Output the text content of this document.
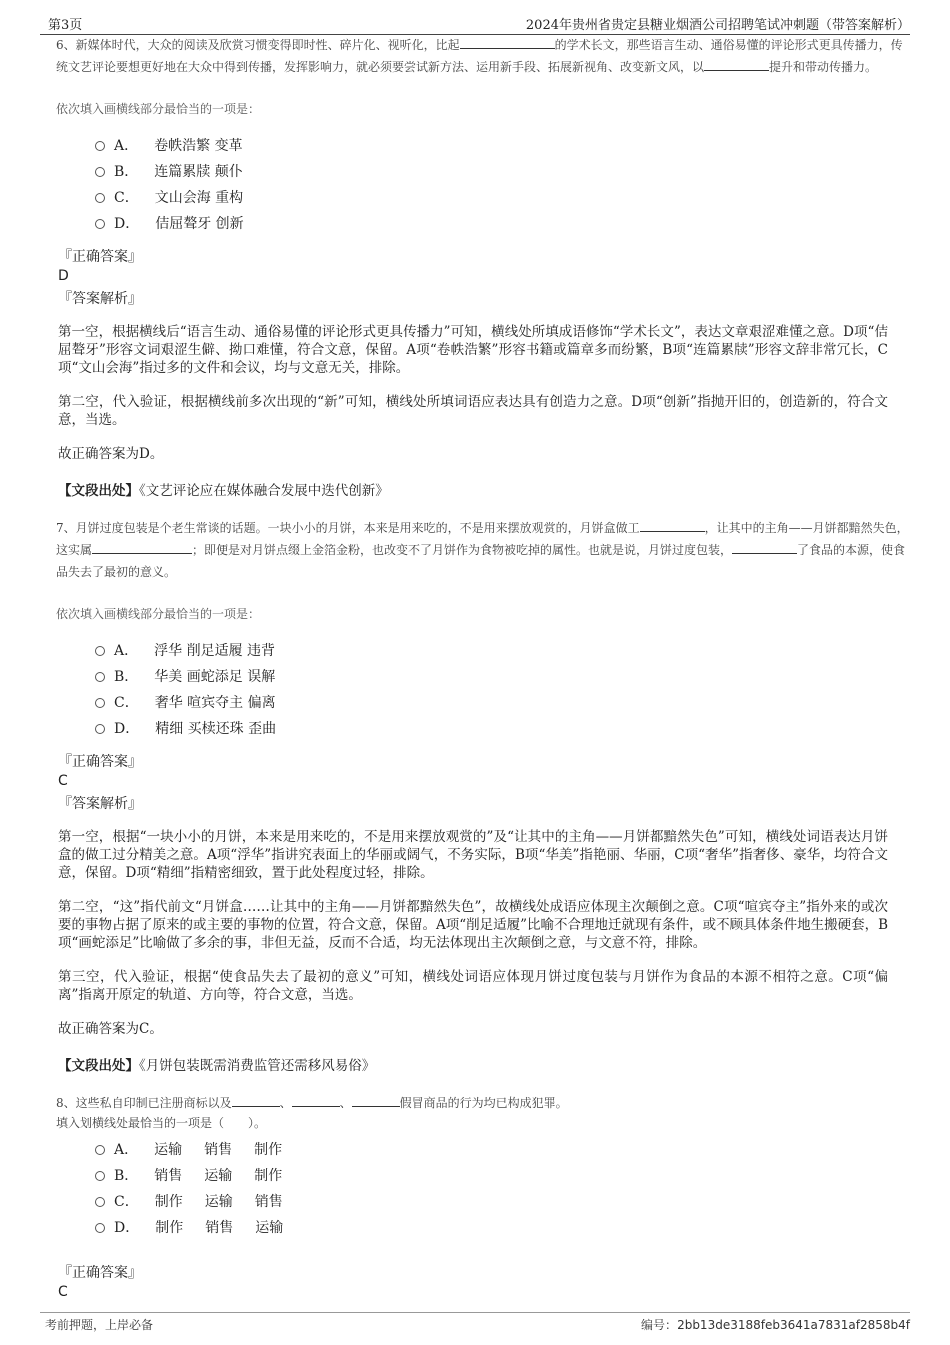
第3页	2024年贵州省贵定县糖业烟酒公司招聘笔试冲刺题（带答案解析）

6、新媒体时代，大众的阅读及欣赏习惯变得即时性、碎片化、视听化，比起	的学术长文，那些语言生动、通俗易懂的评论形式更具传播力，传统文艺评论要想更好地在大众中得到传播，发挥影响力，就必须要尝试新方法、运用新手段、拓展新视角、改变新文风，以	提升和带动传播力。

依次填入画横线部分最恰当的一项是：
A． 卷帙浩繁 变革
B． 连篇累牍 颠仆
C． 文山会海 重构
D． 佶屈聱牙 创新
『正确答案』
D
『答案解析』

第一空，根据横线后“语言生动、通俗易懂的评论形式更具传播力”可知，横线处所填成语修饰“学术长文”，表达文章艰涩难懂之意。D项“佶屈聱牙”形容文词艰涩生僻、拗口难懂，符合文意，保留。A项“卷帙浩繁”形容书籍或篇章多而纷繁，B项“连篇累牍”形容文辞非常冗长，C项“文山会海”指过多的文件和会议，均与文意无关，排除。

第二空，代入验证，根据横线前多次出现的“新”可知，横线处所填词语应表达具有创造力之意。D项“创新”指抛开旧的，创造新的，符合文意，当选。

故正确答案为D。

【文段出处】《文艺评论应在媒体融合发展中迭代创新》

7、月饼过度包装是个老生常谈的话题。一块小小的月饼，本来是用来吃的，不是用来摆放观赏的，月饼盒做工	，让其中的主角——月饼都黯然失色，这实属	；即便是对月饼点缀上金箔金粉，也改变不了月饼作为食物被吃掉的属性。也就是说，月饼过度包装，	了食品的本源，使食品失去了最初的意义。

依次填入画横线部分最恰当的一项是：
A． 浮华 削足适履 违背
B． 华美 画蛇添足 误解
C． 奢华 喧宾夺主 偏离
D． 精细 买椟还珠 歪曲
『正确答案』
C
『答案解析』

第一空，根据“一块小小的月饼，本来是用来吃的，不是用来摆放观赏的”及“让其中的主角——月饼都黯然失色”可知，横线处词语表达月饼盒的做工过分精美之意。A项“浮华”指讲究表面上的华丽或阔气，不务实际，B项“华美”指艳丽、华丽，C项“奢华”指奢侈、豪华，均符合文意，保留。D项“精细”指精密细致，置于此处程度过轻，排除。

第二空，“这”指代前文“月饼盒……让其中的主角——月饼都黯然失色”，故横线处成语应体现主次颠倒之意。C项“喧宾夺主”指外来的或次要的事物占据了原来的或主要的事物的位置，符合文意，保留。A项“削足适履”比喻不合理地迁就现有条件，或不顾具体条件地生搬硬套，B项“画蛇添足”比喻做了多余的事，非但无益，反而不合适，均无法体现出主次颠倒之意，与文意不符，排除。

第三空，代入验证，根据“使食品失去了最初的意义”可知，横线处词语应体现月饼过度包装与月饼作为食品的本源不相符之意。C项“偏离”指离开原定的轨道、方向等，符合文意，当选。

故正确答案为C。

【文段出处】《月饼包装既需消费监管还需移风易俗》

8、这些私自印制已注册商标以及	、	、	假冒商品的行为均已构成犯罪。
填入划横线处最恰当的一项是（　　）。

A． 运输 销售 制作
B． 销售 运输 制作
C． 制作 运输 销售
D． 制作 销售 运输
『正确答案』
C
考前押题，上岸必备	编号：2bb13de3188feb3641a7831af2858b4f
